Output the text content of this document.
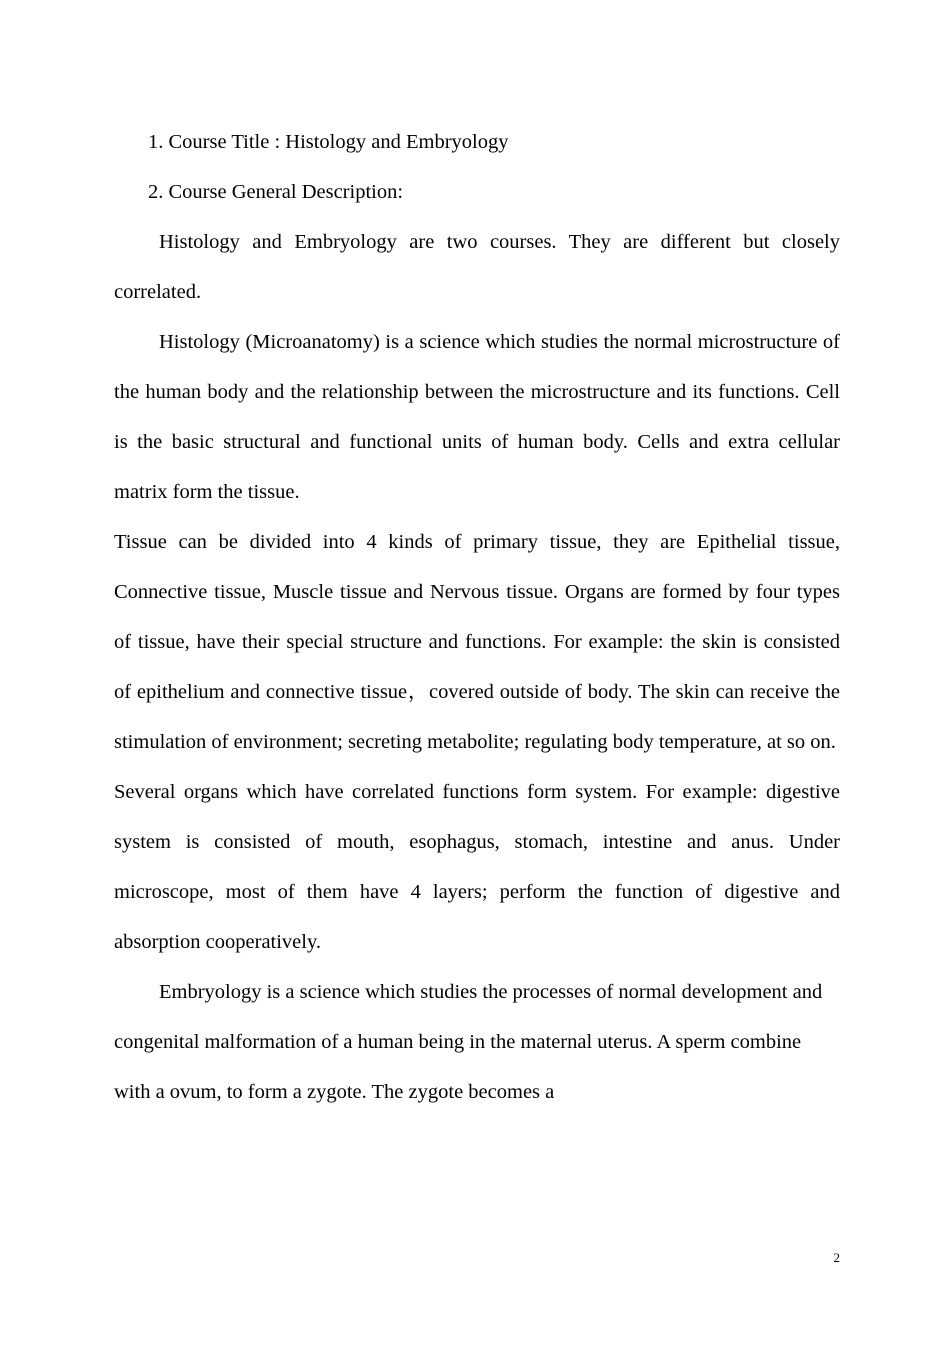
1. Course Title : Histology and Embryology

2. Course General Description:

Histology and Embryology are two courses. They are different but closely correlated.

Histology (Microanatomy) is a science which studies the normal microstructure of the human body and the relationship between the microstructure and its functions. Cell is the basic structural and functional units of human body. Cells and extra cellular matrix form the tissue.

Tissue can be divided into 4 kinds of primary tissue, they are Epithelial tissue, Connective tissue, Muscle tissue and Nervous tissue. Organs are formed by four types of tissue, have their special structure and functions. For example: the skin is consisted of epithelium and connective tissue，covered outside of body. The skin can receive the stimulation of environment; secreting metabolite; regulating body temperature, at so on.

Several organs which have correlated functions form system. For example: digestive system is consisted of mouth, esophagus, stomach, intestine and anus. Under microscope, most of them have 4 layers; perform the function of digestive and absorption cooperatively.

Embryology is a science which studies the processes of normal development and congenital malformation of a human being in the maternal uterus. A sperm combine with a ovum, to form a zygote. The zygote becomes a

2
